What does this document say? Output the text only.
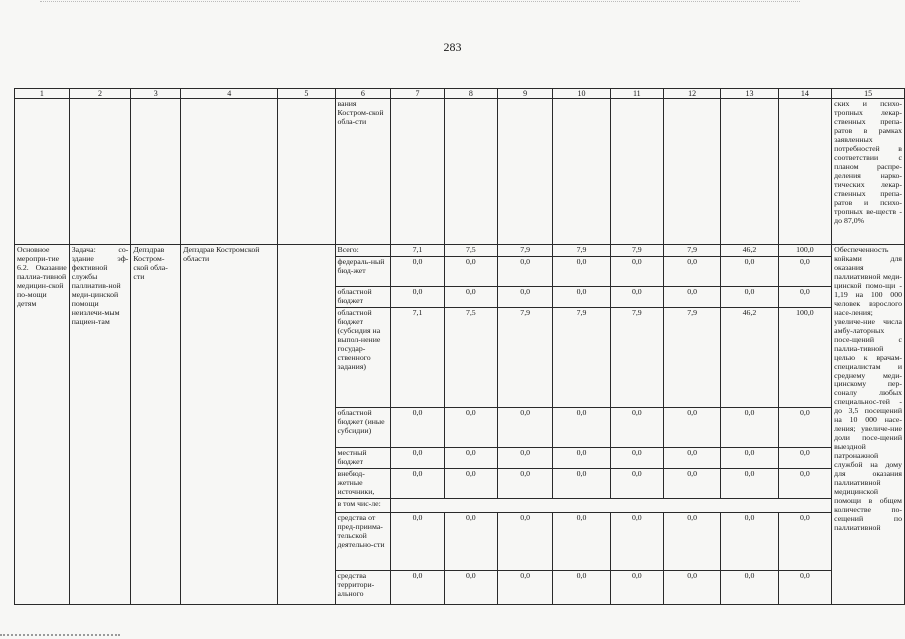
283
1	2	3	4	5	6	7	8	9	10	11	12	13	14	15
					вания Костром-ской обла-сти									ских и психо-тропных лекар-ственных препа-ратов в рамках заявленных потребностей в соответствии с планом распре-деления нарко-тических лекар-ственных препа-ратов и психо-тропных ве-ществ - до 87,0%
Основное меропри-тие 6.2. Оказание паллиа-тивной медицин-ской по-мощи детям	Задача: со-здание эф-фективной службы паллиатив-ной меди-цинской помощи неизлечи-мым пациен-там	Депздрав Костром-ской обла-сти	Депздрав Костромской области		Всего:	7,1	7,5	7,9	7,9	7,9	7,9	46,2	100,0	Обеспеченность койками для оказания паллиативной меди-цинской помо-щи - 1,19 на 100 000 человек взрослого насе-ления; увеличе-ние числа амбу-латорных посе-щений с паллиа-тивной целью к врачам-специалистам и среднему меди-цинскому пер-соналу любых специальнос-тей - до 3,5 посещений на 10 000 насе-ления; увеличе-ние доли посе-щений выездной патронажной службой на дому для оказания паллиативной медицинской помощи в общем количестве по-сещений по паллиативной
					федераль-ный бюд-жет	0,0	0,0	0,0	0,0	0,0	0,0	0,0	0,0	
					областной бюджет	0,0	0,0	0,0	0,0	0,0	0,0	0,0	0,0	
					областной бюджет (субсидия на выпол-нение государ-ственного задания)	7,1	7,5	7,9	7,9	7,9	7,9	46,2	100,0	
					областной бюджет (иные субсидии)	0,0	0,0	0,0	0,0	0,0	0,0	0,0	0,0	
					местный бюджет	0,0	0,0	0,0	0,0	0,0	0,0	0,0	0,0	
					внебюд-жетные источники,	0,0	0,0	0,0	0,0	0,0	0,0	0,0	0,0	
					в том чис-ле:									
					средства от пред-приима-тельской деятельно-сти	0,0	0,0	0,0	0,0	0,0	0,0	0,0	0,0	
					средства территори-ального	0,0	0,0	0,0	0,0	0,0	0,0	0,0	0,0	
